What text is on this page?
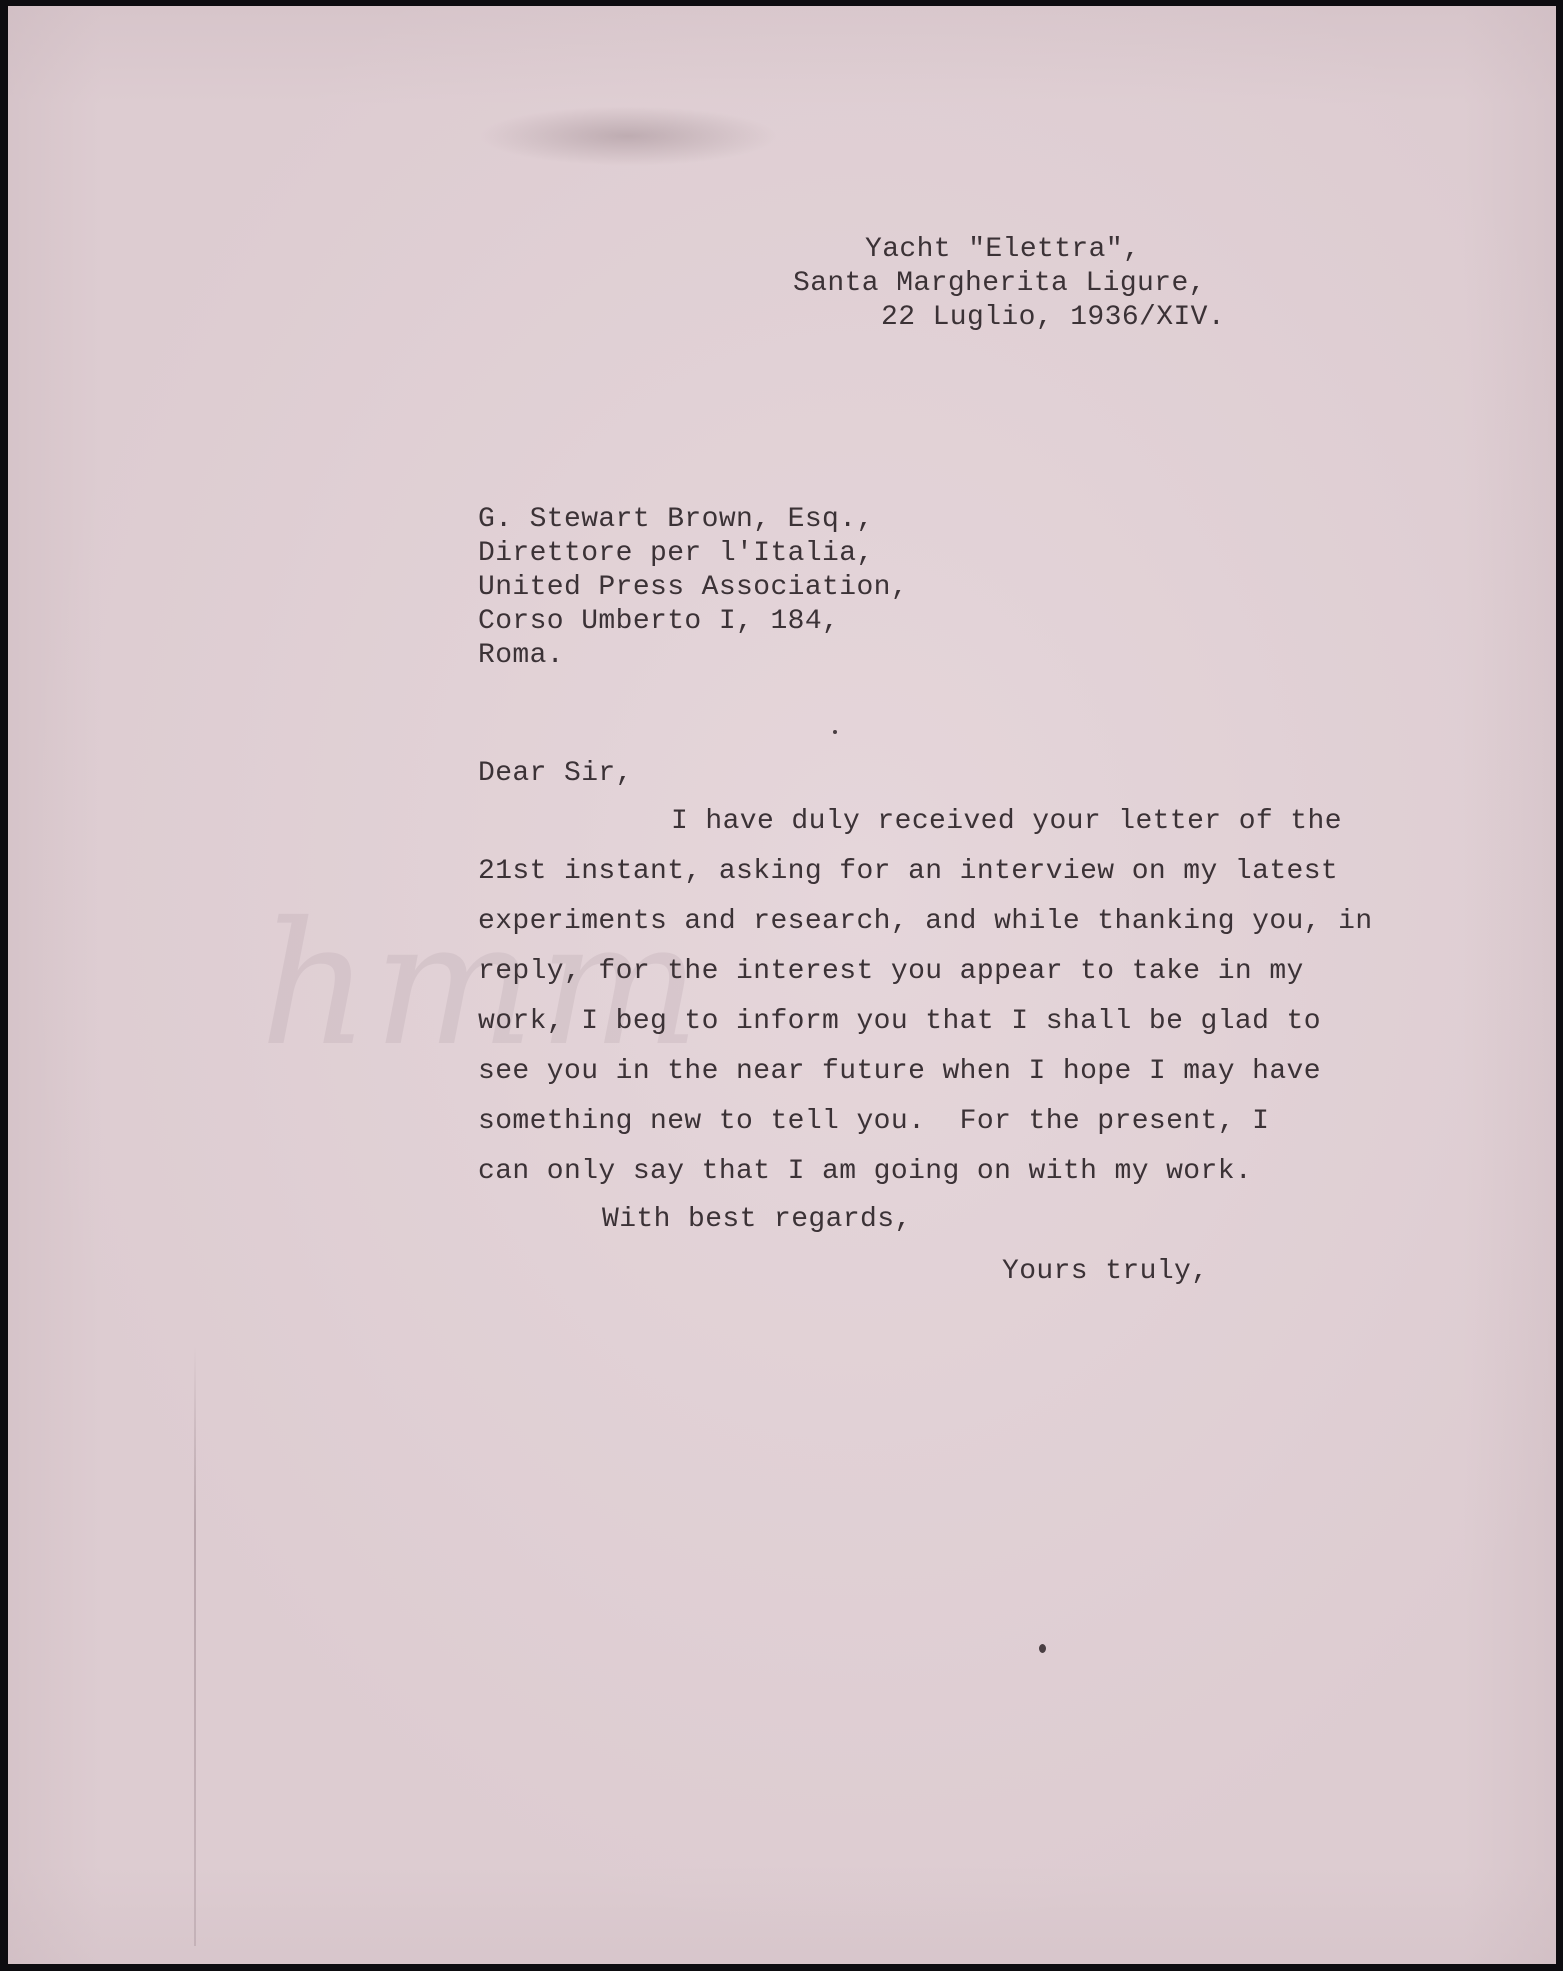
hmm

Yacht "Elettra",

Santa Margherita Ligure,

22 Luglio, 1936/XIV.

G. Stewart Brown, Esq.,

Direttore per l'Italia,

United Press Association,

Corso Umberto I, 184,

Roma.

Dear Sir,

I have duly received your letter of the

21st instant, asking for an interview on my latest

experiments and research, and while thanking you, in

reply, for the interest you appear to take in my

work, I beg to inform you that I shall be glad to

see you in the near future when I hope I may have

something new to tell you.  For the present, I

can only say that I am going on with my work.

With best regards,

Yours truly,
